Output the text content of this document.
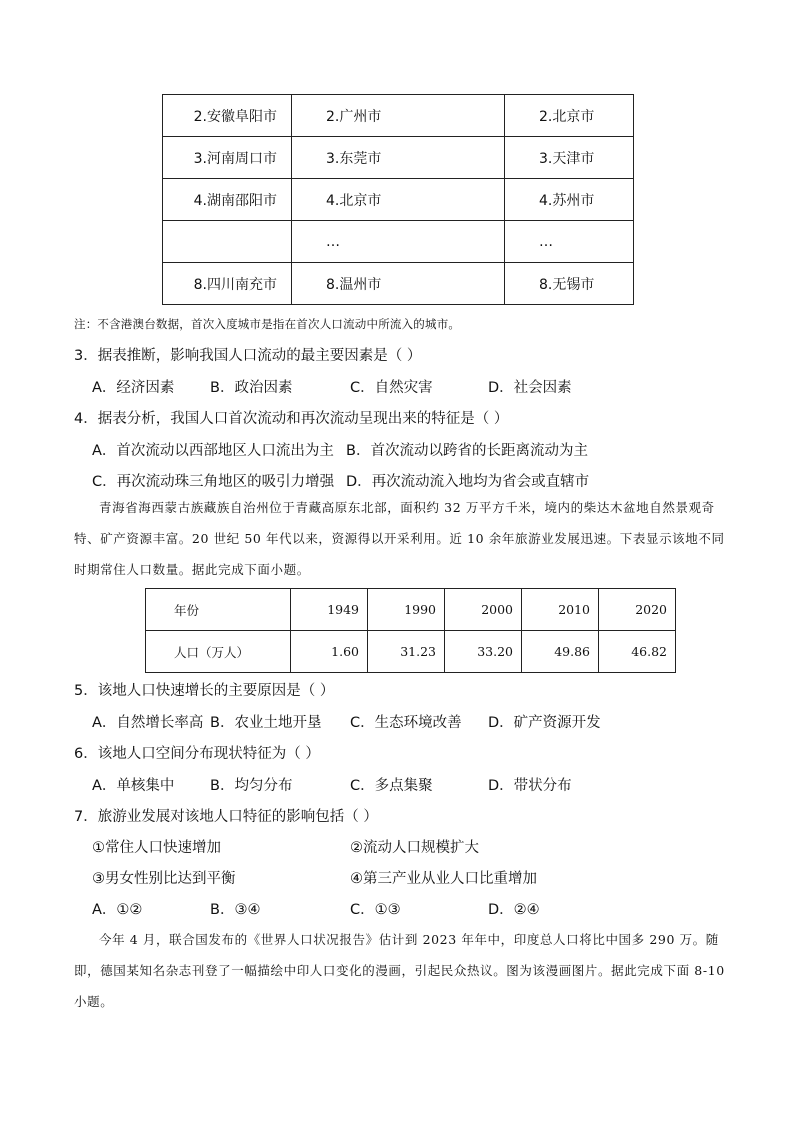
2.安徽阜阳市	2.广州市	2.北京市
3.河南周口市	3.东莞市	3.天津市
4.湖南邵阳市	4.北京市	4.苏州市
	…	…
8.四川南充市	8.温州市	8.无锡市
注：不含港澳台数据，首次入度城市是指在首次人口流动中所流入的城市。
3．据表推断，影响我国人口流动的最主要因素是（ ）
A．经济因素 B．政治因素	C．自然灾害	D．社会因素
4．据表分析，我国人口首次流动和再次流动呈现出来的特征是（ ）
A．首次流动以西部地区人口流出为主 B．首次流动以跨省的长距离流动为主
C．再次流动珠三角地区的吸引力增强 D．再次流动流入地均为省会或直辖市
青海省海西蒙古族藏族自治州位于青藏高原东北部，面积约 32 万平方千米，境内的柴达木盆地自然景观奇特、矿产资源丰富。20 世纪 50 年代以来，资源得以开采利用。近 10 余年旅游业发展迅速。下表显示该地不同时期常住人口数量。据此完成下面小题。
年份	1949	1990	2000	2010	2020
人口（万人）	1.60	31.23	33.20	49.86	46.82
5．该地人口快速增长的主要原因是（ ）
A．自然增长率高 B．农业土地开垦 C．生态环境改善 D．矿产资源开发
6．该地人口空间分布现状特征为（ ）
A．单核集中 B．均匀分布	C．多点集聚	D．带状分布
7．旅游业发展对该地人口特征的影响包括（ ）
①常住人口快速增加	②流动人口规模扩大
③男女性别比达到平衡	④第三产业从业人口比重增加
A．①②	B．③④	C．①③	D．②④
今年 4 月，联合国发布的《世界人口状况报告》估计到 2023 年年中，印度总人口将比中国多 290 万。随即，德国某知名杂志刊登了一幅描绘中印人口变化的漫画，引起民众热议。图为该漫画图片。据此完成下面 8-10 小题。
